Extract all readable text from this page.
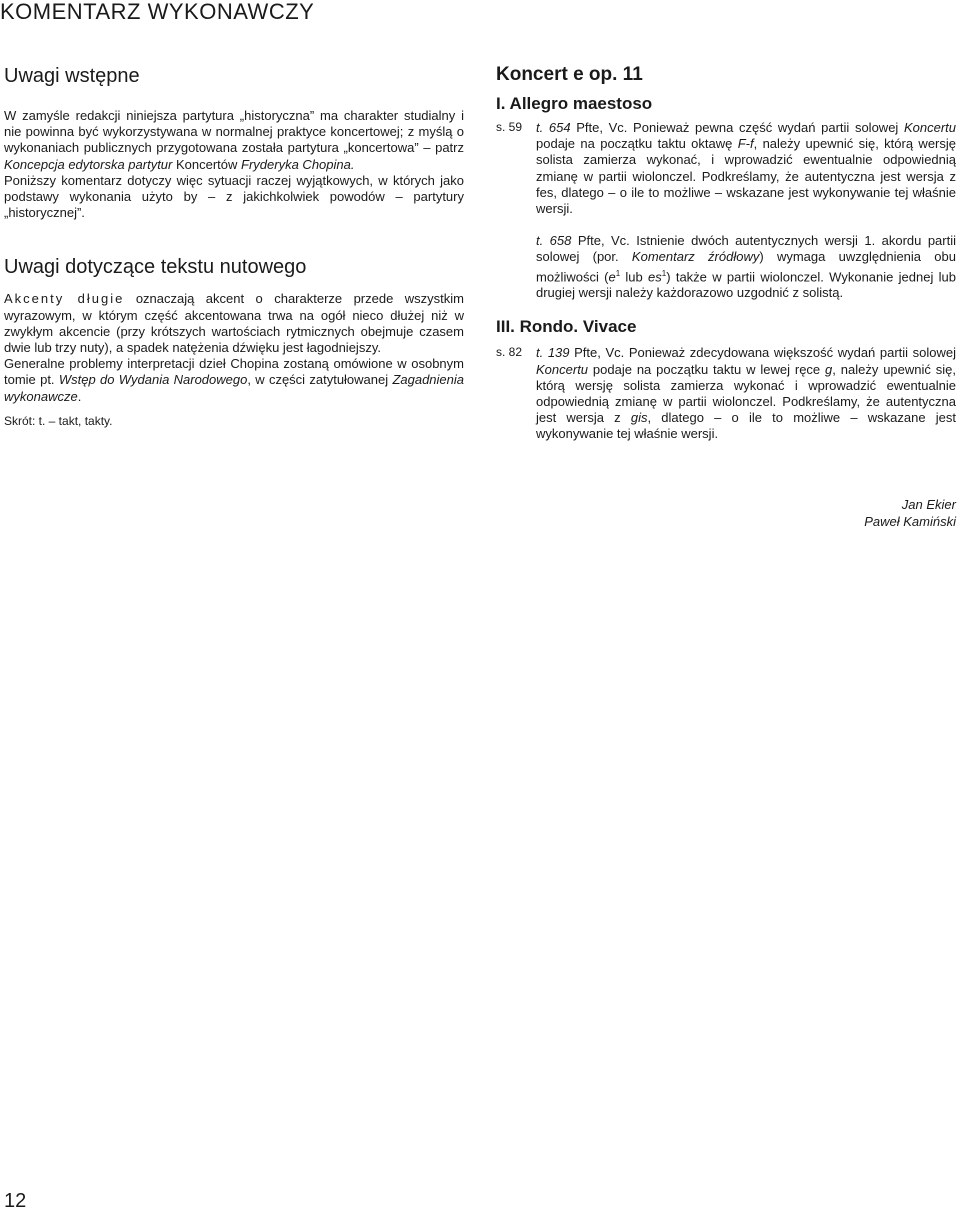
KOMENTARZ WYKONAWCZY
Uwagi wstępne

W zamyśle redakcji niniejsza partytura „historyczna” ma charakter studialny i nie powinna być wykorzystywana w normalnej praktyce koncertowej; z myślą o wykonaniach publicznych przygotowana została partytura „koncertowa” – patrz Koncepcja edytorska partytur Koncertów Fryderyka Chopina.

Poniższy komentarz dotyczy więc sytuacji raczej wyjątkowych, w których jako podstawy wykonania użyto by – z jakichkolwiek powodów – partytury „historycznej”.

Uwagi dotyczące tekstu nutowego

Akcenty długie oznaczają akcent o charakterze przede wszystkim wyrazowym, w którym część akcentowana trwa na ogół nieco dłużej niż w zwykłym akcencie (przy krótszych wartościach rytmicznych obejmuje czasem dwie lub trzy nuty), a spadek natężenia dźwięku jest łagodniejszy.

Generalne problemy interpretacji dzieł Chopina zostaną omówione w osobnym tomie pt. Wstęp do Wydania Narodowego, w części zatytułowanej Zagadnienia wykonawcze.

Skrót: t. – takt, takty.

Koncert e op. 11
I. Allegro maestoso
s. 59 t. 654 Pfte, Vc. Ponieważ pewna część wydań partii solowej Koncertu podaje na początku taktu oktawę F-f, należy upewnić się, którą wersję solista zamierza wykonać, i wprowadzić ewentualnie odpowiednią zmianę w partii wiolonczel. Podkreślamy, że autentyczna jest wersja z fes, dlatego – o ile to możliwe – wskazane jest wykonywanie tej właśnie wersji.

t. 658 Pfte, Vc. Istnienie dwóch autentycznych wersji 1. akordu partii solowej (por. Komentarz źródłowy) wymaga uwzględnienia obu możliwości ($e^1$ lub $es^1$) także w partii wiolonczel. Wykonanie jednej lub drugiej wersji należy każdorazowo uzgodnić z solistą.

III. Rondo. Vivace
s. 82 t. 139 Pfte, Vc. Ponieważ zdecydowana większość wydań partii solowej Koncertu podaje na początku taktu w lewej ręce g, należy upewnić się, którą wersję solista zamierza wykonać i wprowadzić ewentualnie odpowiednią zmianę w partii wiolonczel. Podkreślamy, że autentyczna jest wersja z gis, dlatego – o ile to możliwe – wskazane jest wykonywanie tej właśnie wersji.

Jan Ekier
Paweł Kamiński
12
